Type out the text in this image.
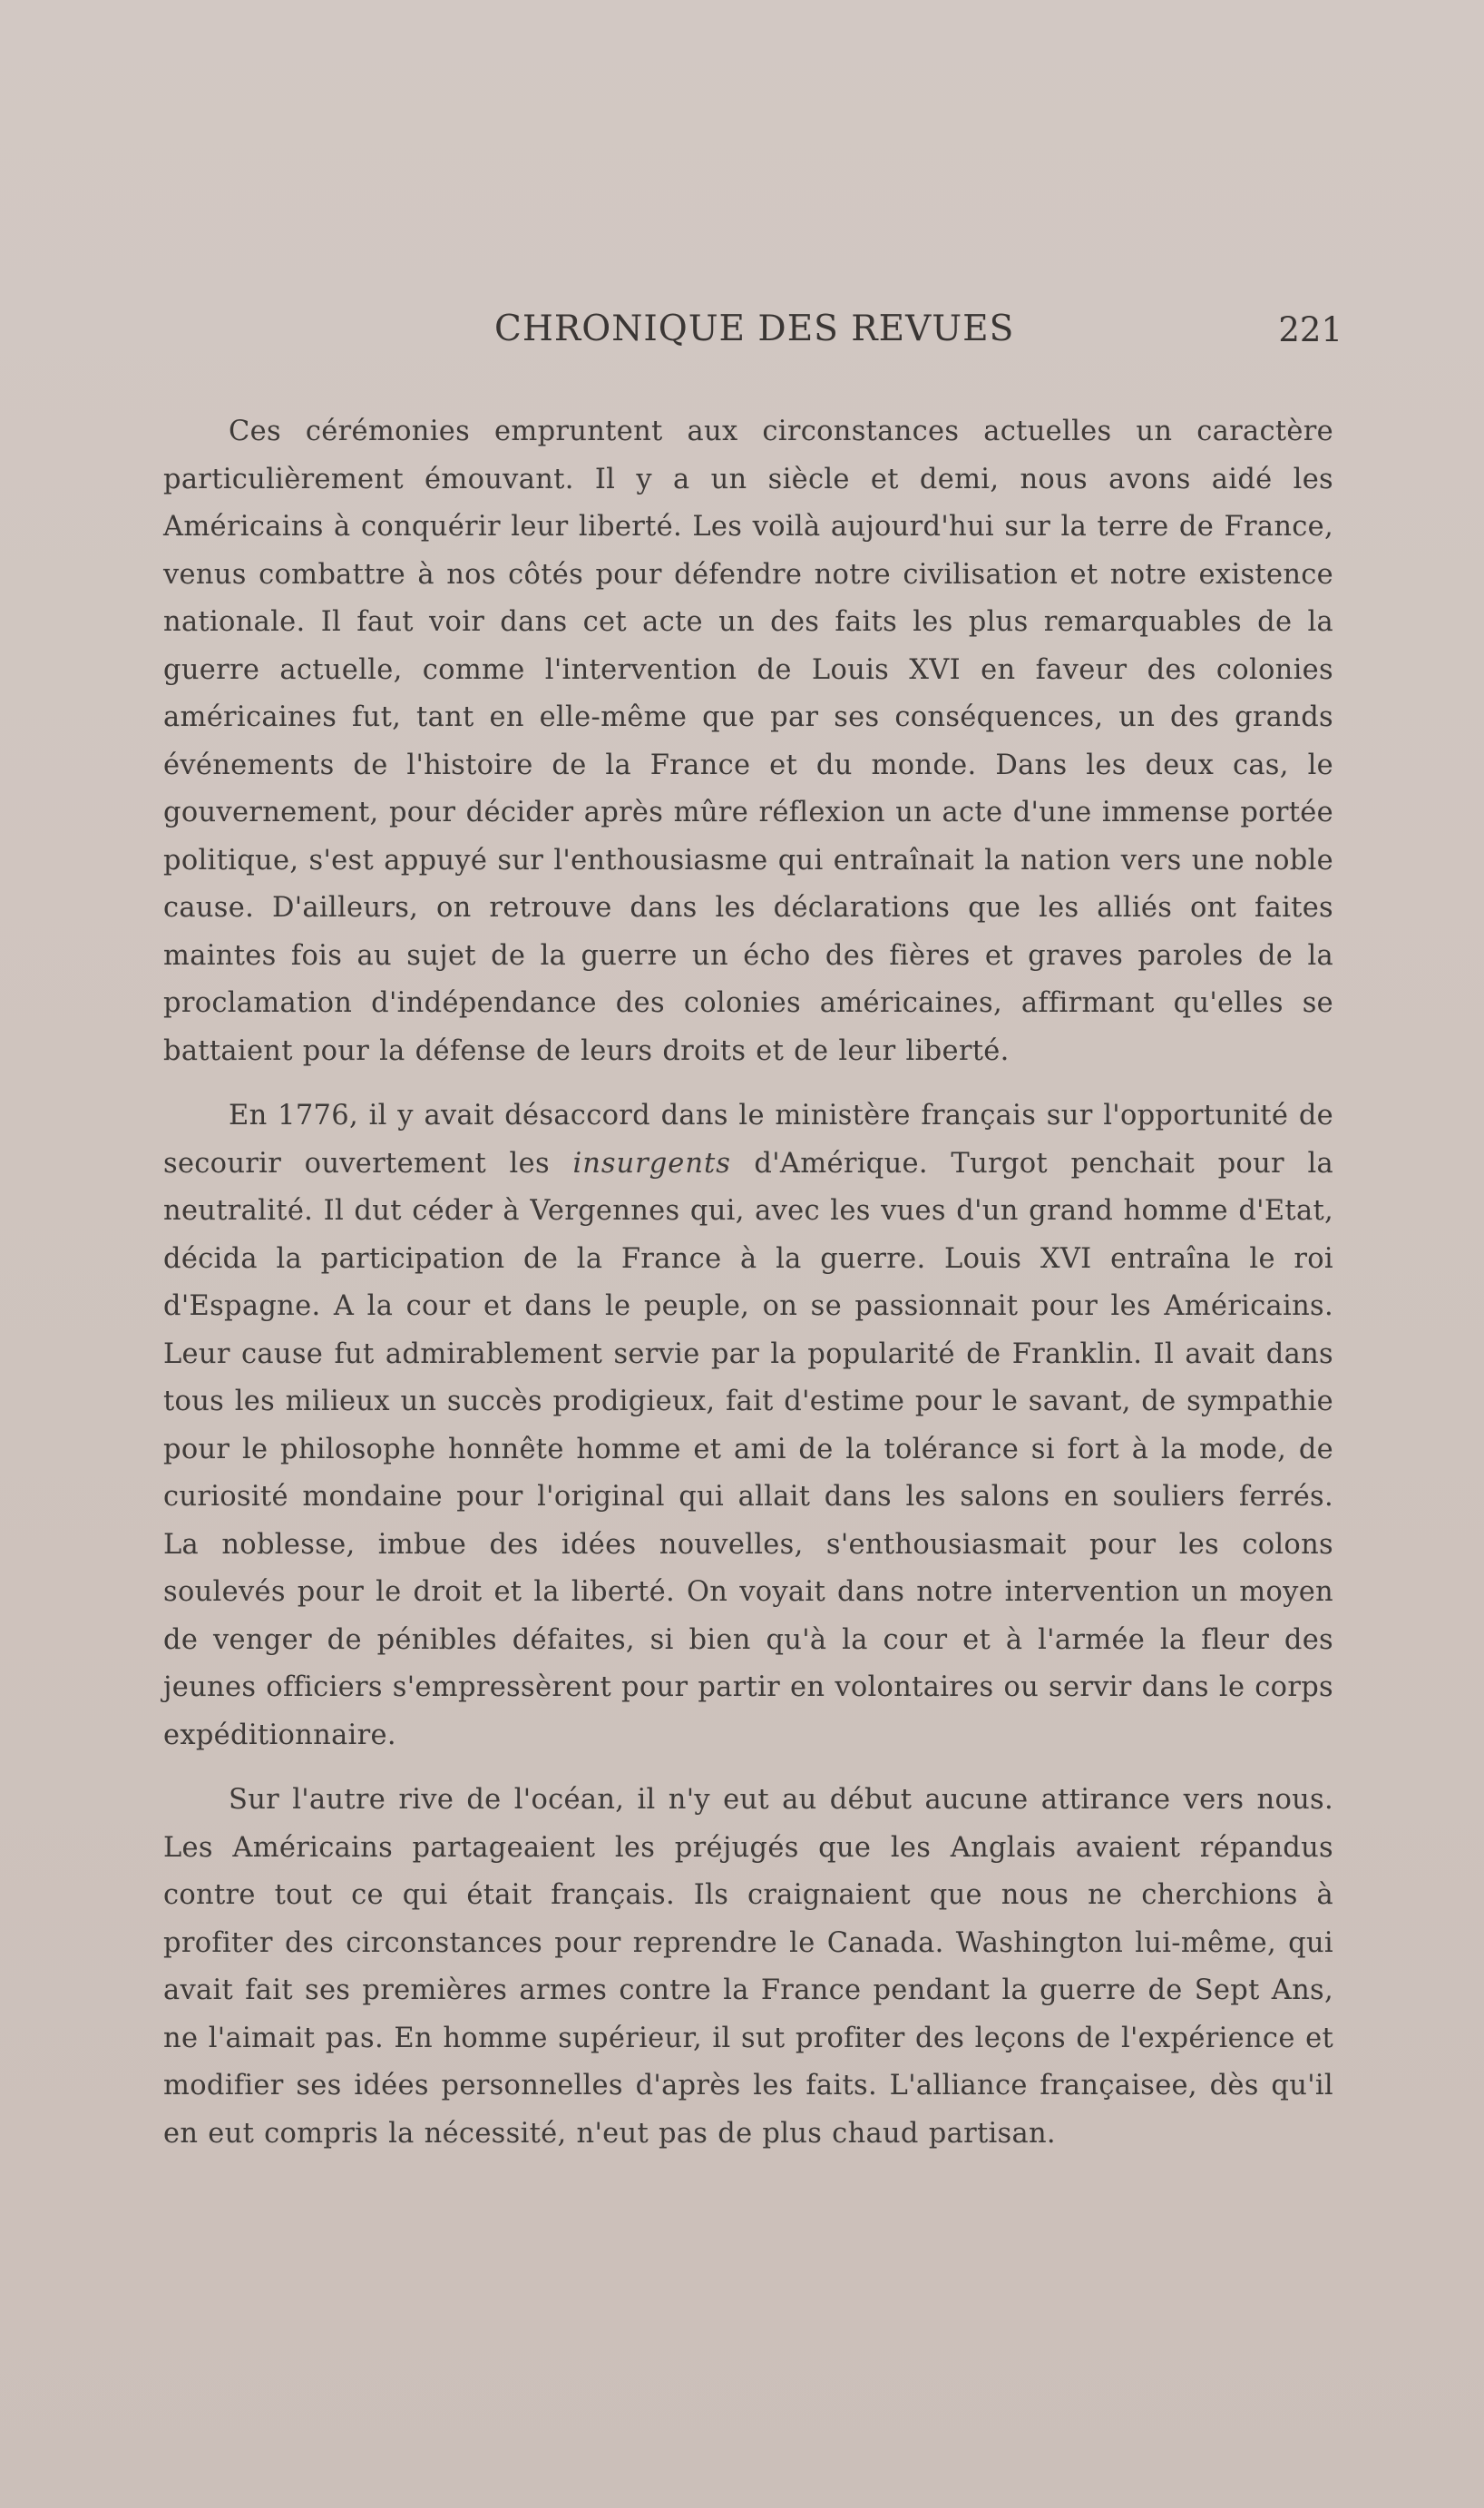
CHRONIQUE DES REVUES	221

Ces cérémonies empruntent aux circonstances actuelles un caractère particulièrement émouvant. Il y a un siècle et demi, nous avons aidé les Américains à conquérir leur liberté. Les voilà aujourd'hui sur la terre de France, venus combattre à nos côtés pour défendre notre civilisation et notre existence nationale. Il faut voir dans cet acte un des faits les plus remarquables de la guerre actuelle, comme l'intervention de Louis XVI en faveur des colonies américaines fut, tant en elle-même que par ses conséquences, un des grands événements de l'histoire de la France et du monde. Dans les deux cas, le gouvernement, pour décider après mûre réflexion un acte d'une immense portée politique, s'est appuyé sur l'enthousiasme qui entraînait la nation vers une noble cause. D'ailleurs, on retrouve dans les déclarations que les alliés ont faites maintes fois au sujet de la guerre un écho des fières et graves paroles de la proclamation d'indépendance des colonies américaines, affirmant qu'elles se battaient pour la défense de leurs droits et de leur liberté.

En 1776, il y avait désaccord dans le ministère français sur l'opportunité de secourir ouvertement les insurgents d'Amérique. Turgot penchait pour la neutralité. Il dut céder à Vergennes qui, avec les vues d'un grand homme d'Etat, décida la participation de la France à la guerre. Louis XVI entraîna le roi d'Espagne. A la cour et dans le peuple, on se passionnait pour les Américains. Leur cause fut admirablement servie par la popularité de Franklin. Il avait dans tous les milieux un succès prodigieux, fait d'estime pour le savant, de sympathie pour le philosophe honnête homme et ami de la tolérance si fort à la mode, de curiosité mondaine pour l'original qui allait dans les salons en souliers ferrés. La noblesse, imbue des idées nouvelles, s'enthousiasmait pour les colons soulevés pour le droit et la liberté. On voyait dans notre intervention un moyen de venger de pénibles défaites, si bien qu'à la cour et à l'armée la fleur des jeunes officiers s'empressèrent pour partir en volontaires ou servir dans le corps expéditionnaire.

Sur l'autre rive de l'océan, il n'y eut au début aucune attirance vers nous. Les Américains partageaient les préjugés que les Anglais avaient répandus contre tout ce qui était français. Ils craignaient que nous ne cherchions à profiter des circonstances pour reprendre le Canada. Washington lui-même, qui avait fait ses premières armes contre la France pendant la guerre de Sept Ans, ne l'aimait pas. En homme supérieur, il sut profiter des leçons de l'expérience et modifier ses idées personnelles d'après les faits. L'alliance françaisee, dès qu'il en eut compris la nécessité, n'eut pas de plus chaud partisan.
